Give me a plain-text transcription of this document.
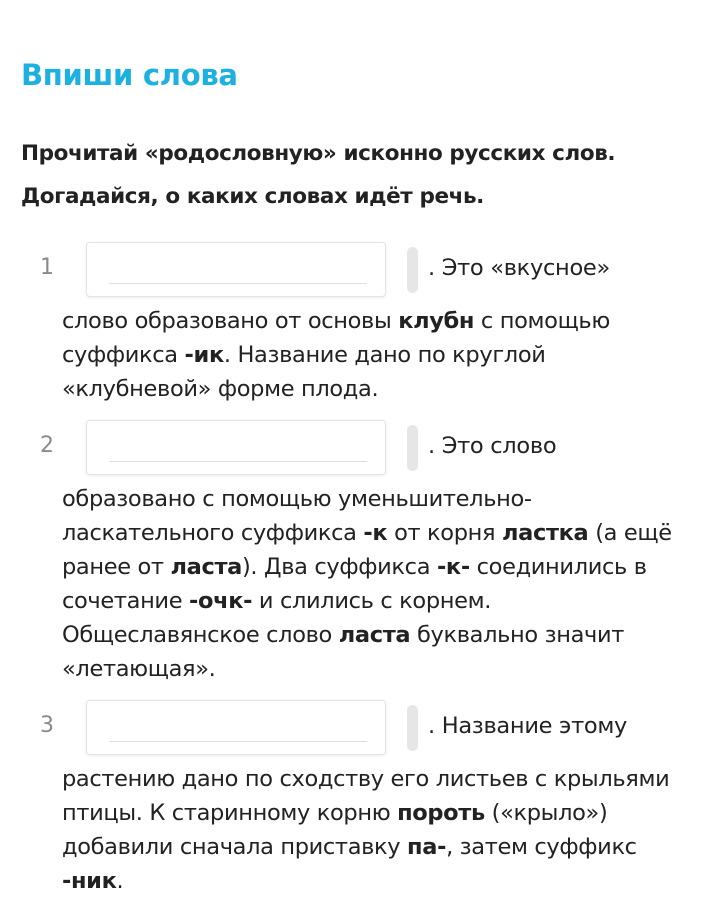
Впиши слова
Прочитай «родословную» исконно русских слов.
Догадайся, о каких словах идёт речь.
1	. Это «вкусное»

слово образовано от основы клубн с помощью суффикса -ик. Название дано по круглой «клубневой» форме плода.

2	. Это слово

образовано с помощью уменьшительно-ласкательного суффикса -к от корня ластка (а ещё ранее от ласта). Два суффикса -к- соединились в сочетание -очк- и слились с корнем. Общеславянское слово ласта буквально значит «летающая».

3	. Название этому

растению дано по сходству его листьев с крыльями птицы. К старинному корню пороть («крыло») добавили сначала приставку па-, затем суффикс -ник.
